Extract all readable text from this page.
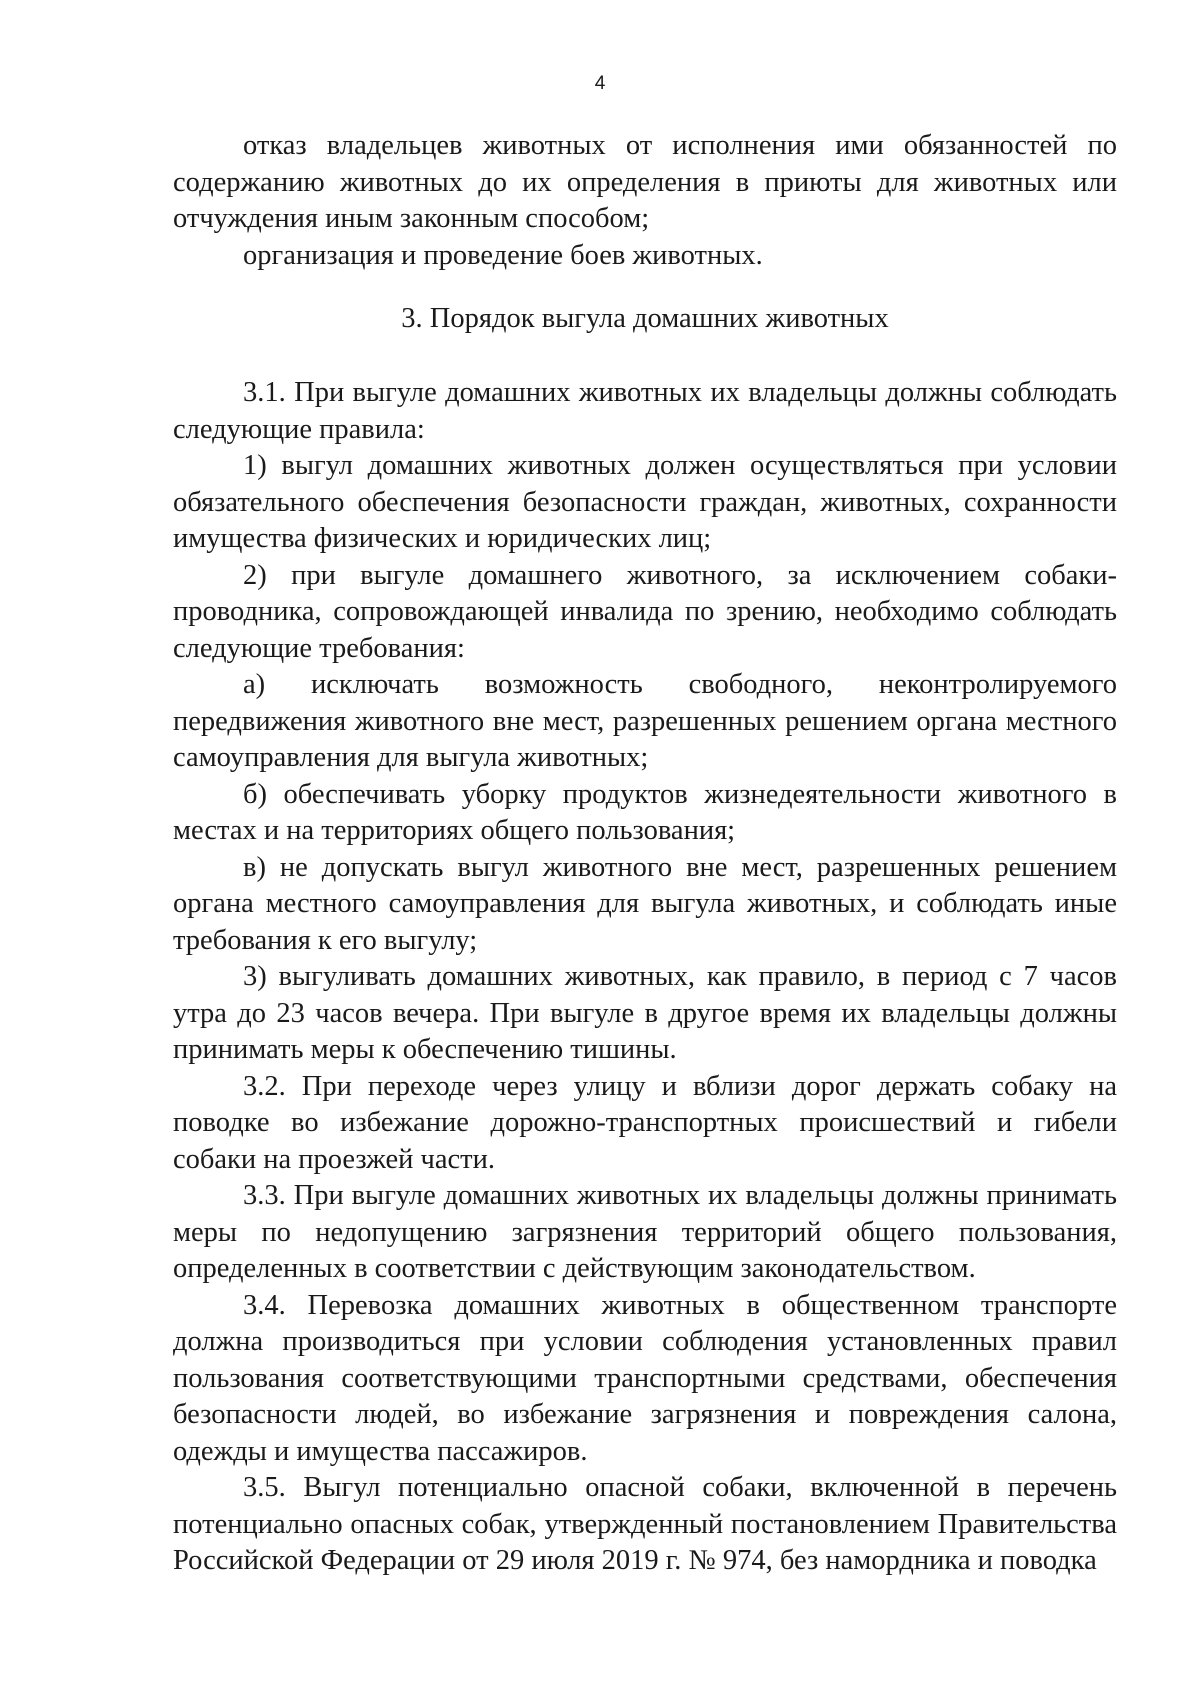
4

отказ владельцев животных от исполнения ими обязанностей по содержанию животных до их определения в приюты для животных или отчуждения иным законным способом;

организация и проведение боев животных.

3. Порядок выгула домашних животных

3.1. При выгуле домашних животных их владельцы должны соблюдать следующие правила:

1) выгул домашних животных должен осуществляться при условии обязательного обеспечения безопасности граждан, животных, сохранности имущества физических и юридических лиц;

2) при выгуле домашнего животного, за исключением собаки-проводника, сопровождающей инвалида по зрению, необходимо соблюдать следующие требования:

а) исключать возможность свободного, неконтролируемого передвижения животного вне мест, разрешенных решением органа местного самоуправления для выгула животных;

б) обеспечивать уборку продуктов жизнедеятельности животного в местах и на территориях общего пользования;

в) не допускать выгул животного вне мест, разрешенных решением органа местного самоуправления для выгула животных, и соблюдать иные требования к его выгулу;

3) выгуливать домашних животных, как правило, в период с 7 часов утра до 23 часов вечера. При выгуле в другое время их владельцы должны принимать меры к обеспечению тишины.

3.2. При переходе через улицу и вблизи дорог держать собаку на поводке во избежание дорожно-транспортных происшествий и гибели собаки на проезжей части.

3.3. При выгуле домашних животных их владельцы должны принимать меры по недопущению загрязнения территорий общего пользования, определенных в соответствии с действующим законодательством.

3.4. Перевозка домашних животных в общественном транспорте должна производиться при условии соблюдения установленных правил пользования соответствующими транспортными средствами, обеспечения безопасности людей, во избежание загрязнения и повреждения салона, одежды и имущества пассажиров.

3.5. Выгул потенциально опасной собаки, включенной в перечень потенциально опасных собак, утвержденный постановлением Правительства Российской Федерации от 29 июля 2019 г. № 974, без намордника и поводка
